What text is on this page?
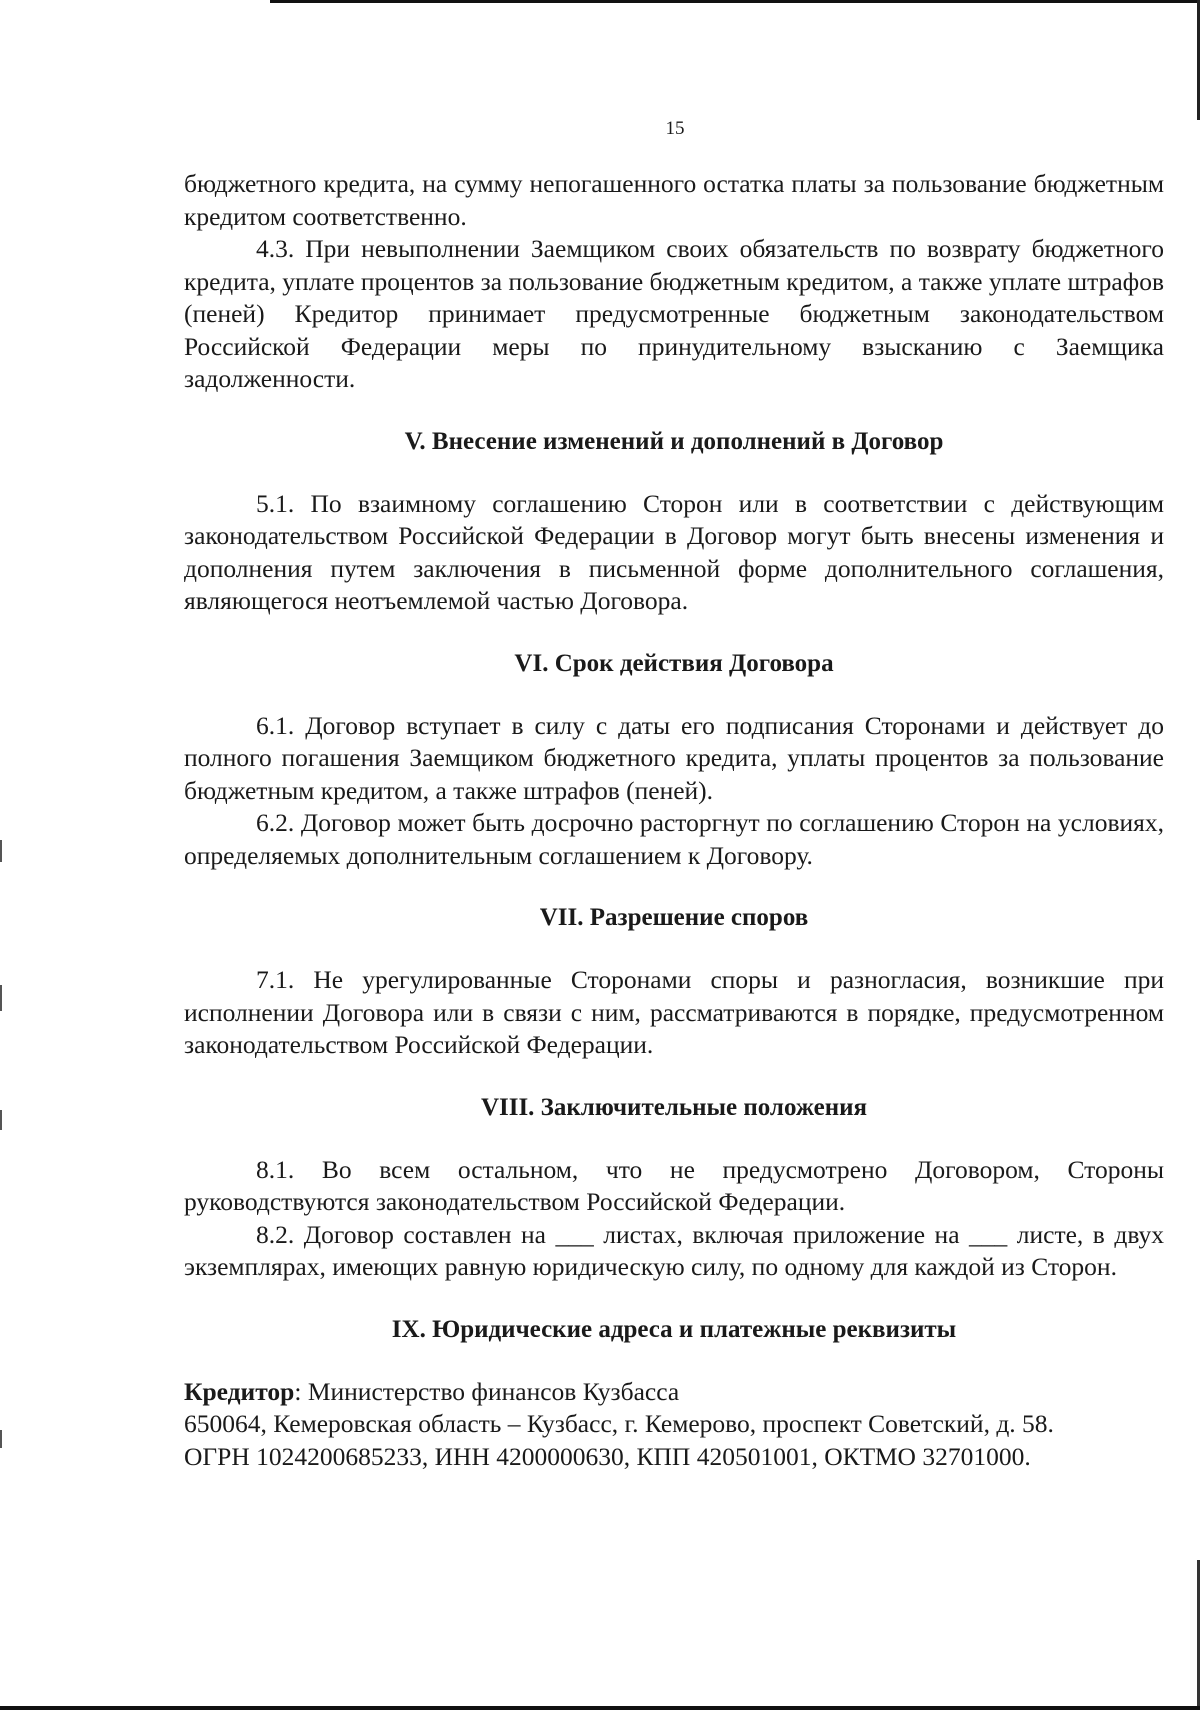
15

бюджетного кредита, на сумму непогашенного остатка платы за пользование бюджетным кредитом соответственно.

4.3. При невыполнении Заемщиком своих обязательств по возврату бюджетного кредита, уплате процентов за пользование бюджетным кредитом, а также уплате штрафов (пеней) Кредитор принимает предусмотренные бюджетным законодательством Российской Федерации меры по принудительному взысканию с Заемщика задолженности.

V. Внесение изменений и дополнений в Договор

5.1. По взаимному соглашению Сторон или в соответствии с действующим законодательством Российской Федерации в Договор могут быть внесены изменения и дополнения путем заключения в письменной форме дополнительного соглашения, являющегося неотъемлемой частью Договора.

VI. Срок действия Договора

6.1. Договор вступает в силу с даты его подписания Сторонами и действует до полного погашения Заемщиком бюджетного кредита, уплаты процентов за пользование бюджетным кредитом, а также штрафов (пеней).

6.2. Договор может быть досрочно расторгнут по соглашению Сторон на условиях, определяемых дополнительным соглашением к Договору.

VII. Разрешение споров

7.1. Не урегулированные Сторонами споры и разногласия, возникшие при исполнении Договора или в связи с ним, рассматриваются в порядке, предусмотренном законодательством Российской Федерации.

VIII. Заключительные положения

8.1. Во всем остальном, что не предусмотрено Договором, Стороны руководствуются законодательством Российской Федерации.

8.2. Договор составлен на ___ листах, включая приложение на ___ листе, в двух экземплярах, имеющих равную юридическую силу, по одному для каждой из Сторон.

IX. Юридические адреса и платежные реквизиты

Кредитор: Министерство финансов Кузбасса

650064, Кемеровская область – Кузбасс, г. Кемерово, проспект Советский, д. 58.

ОГРН 1024200685233, ИНН 4200000630, КПП 420501001, ОКТМО 32701000.
